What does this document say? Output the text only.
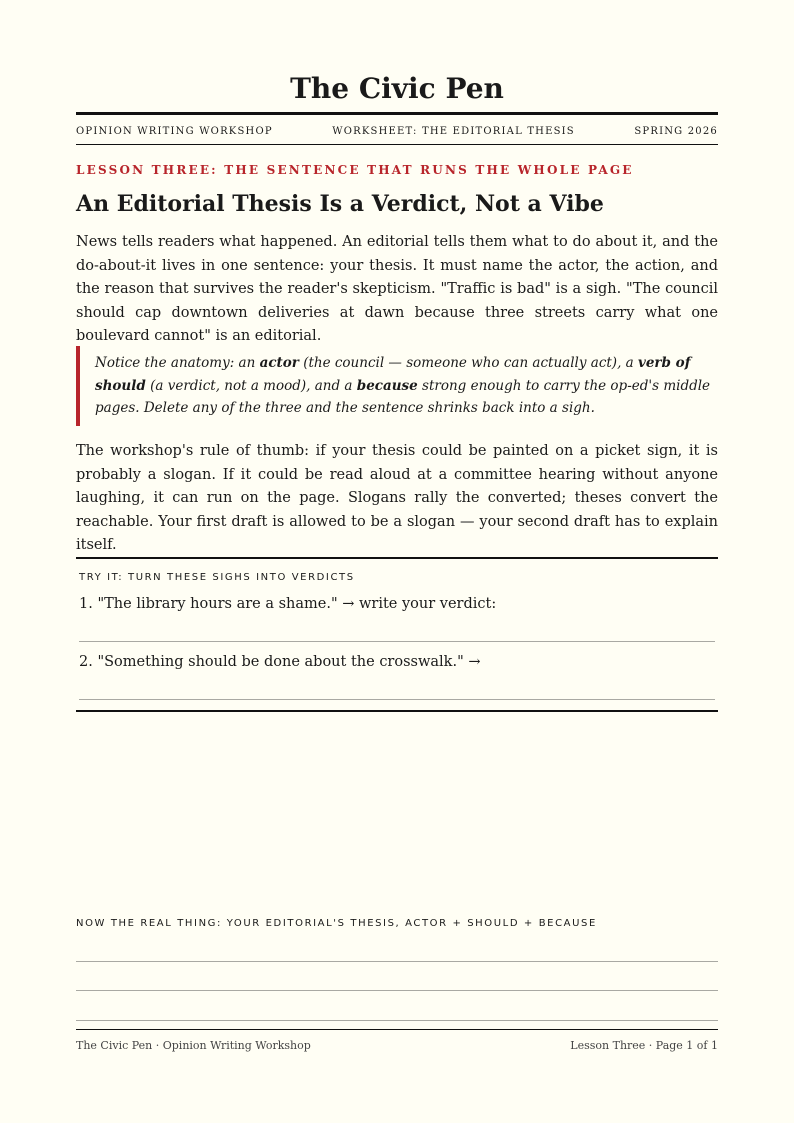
The Civic Pen
OPINION WRITING WORKSHOP	WORKSHEET: THE EDITORIAL THESIS	SPRING 2026
LESSON THREE: THE SENTENCE THAT RUNS THE WHOLE PAGE
An Editorial Thesis Is a Verdict, Not a Vibe
News tells readers what happened. An editorial tells them what to do about it, and the do-about-it lives in one sentence: your thesis. It must name the actor, the action, and the reason that survives the reader's skepticism. "Traffic is bad" is a sigh. "The council should cap downtown deliveries at dawn because three streets carry what one boulevard cannot" is an editorial.
Notice the anatomy: an actor (the council — someone who can actually act), a verb of should (a verdict, not a mood), and a because strong enough to carry the op-ed's middle pages. Delete any of the three and the sentence shrinks back into a sigh.
The workshop's rule of thumb: if your thesis could be painted on a picket sign, it is probably a slogan. If it could be read aloud at a committee hearing without anyone laughing, it can run on the page. Slogans rally the converted; theses convert the reachable. Your first draft is allowed to be a slogan — your second draft has to explain itself.
TRY IT: TURN THESE SIGHS INTO VERDICTS
1. "The library hours are a shame." → write your verdict:
2. "Something should be done about the crosswalk." →
NOW THE REAL THING: YOUR EDITORIAL'S THESIS, ACTOR + SHOULD + BECAUSE
The Civic Pen · Opinion Writing Workshop	Lesson Three · Page 1 of 1
